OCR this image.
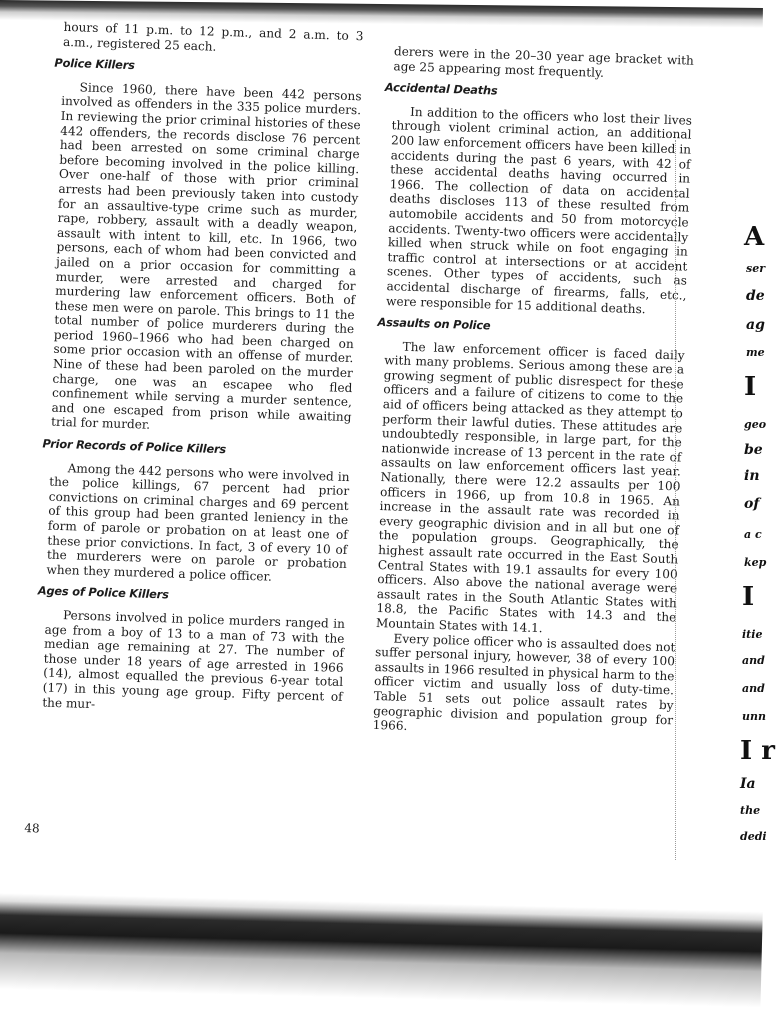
hours of 11 p.m. to 12 p.m., and 2 a.m. to 3 a.m., registered 25 each.

Police Killers

Since 1960, there have been 442 persons involved as offenders in the 335 police murders. In reviewing the prior criminal histories of these 442 offenders, the records disclose 76 percent had been arrested on some criminal charge before becoming involved in the police killing. Over one-half of those with prior criminal arrests had been previously taken into custody for an assaultive-type crime such as murder, rape, robbery, assault with a deadly weapon, assault with intent to kill, etc. In 1966, two persons, each of whom had been convicted and jailed on a prior occasion for committing a murder, were arrested and charged for murdering law enforcement officers. Both of these men were on parole. This brings to 11 the total number of police murderers during the period 1960–1966 who had been charged on some prior occasion with an offense of murder. Nine of these had been paroled on the murder charge, one was an escapee who fled confinement while serving a murder sentence, and one escaped from prison while awaiting trial for murder.

Prior Records of Police Killers

Among the 442 persons who were involved in the police killings, 67 percent had prior convictions on criminal charges and 69 percent of this group had been granted leniency in the form of parole or probation on at least one of these prior convictions. In fact, 3 of every 10 of the murderers were on parole or probation when they murdered a police officer.

Ages of Police Killers

Persons involved in police murders ranged in age from a boy of 13 to a man of 73 with the median age remaining at 27. The number of those under 18 years of age arrested in 1966 (14), almost equalled the previous 6-year total (17) in this young age group. Fifty percent of the mur-

derers were in the 20–30 year age bracket with age 25 appearing most frequently.

Accidental Deaths

In addition to the officers who lost their lives through violent criminal action, an additional 200 law enforcement officers have been killed in accidents during the past 6 years, with 42 of these accidental deaths having occurred in 1966. The collection of data on accidental deaths discloses 113 of these resulted from automobile accidents and 50 from motorcycle accidents. Twenty-two officers were accidentally killed when struck while on foot engaging in traffic control at intersections or at accident scenes. Other types of accidents, such as accidental discharge of firearms, falls, etc., were responsible for 15 additional deaths.

Assaults on Police

The law enforcement officer is faced daily with many problems. Serious among these are a growing segment of public disrespect for these officers and a failure of citizens to come to the aid of officers being attacked as they attempt to perform their lawful duties. These attitudes are undoubtedly responsible, in large part, for the nationwide increase of 13 percent in the rate of assaults on law enforcement officers last year. Nationally, there were 12.2 assaults per 100 officers in 1966, up from 10.8 in 1965. An increase in the assault rate was recorded in every geographic division and in all but one of the population groups. Geographically, the highest assault rate occurred in the East South Central States with 19.1 assaults for every 100 officers. Also above the national average were assault rates in the South Atlantic States with 18.8, the Pacific States with 14.3 and the Mountain States with 14.1.

Every police officer who is assaulted does not suffer personal injury, however, 38 of every 100 assaults in 1966 resulted in physical harm to the officer victim and usually loss of duty-time. Table 51 sets out police assault rates by geographic division and population group for 1966.

48
A
ser
de
ag
me
I
geo
be
in
of
a c
kep
I
itie
and
and
unn
I r
Ia
the
dedi
